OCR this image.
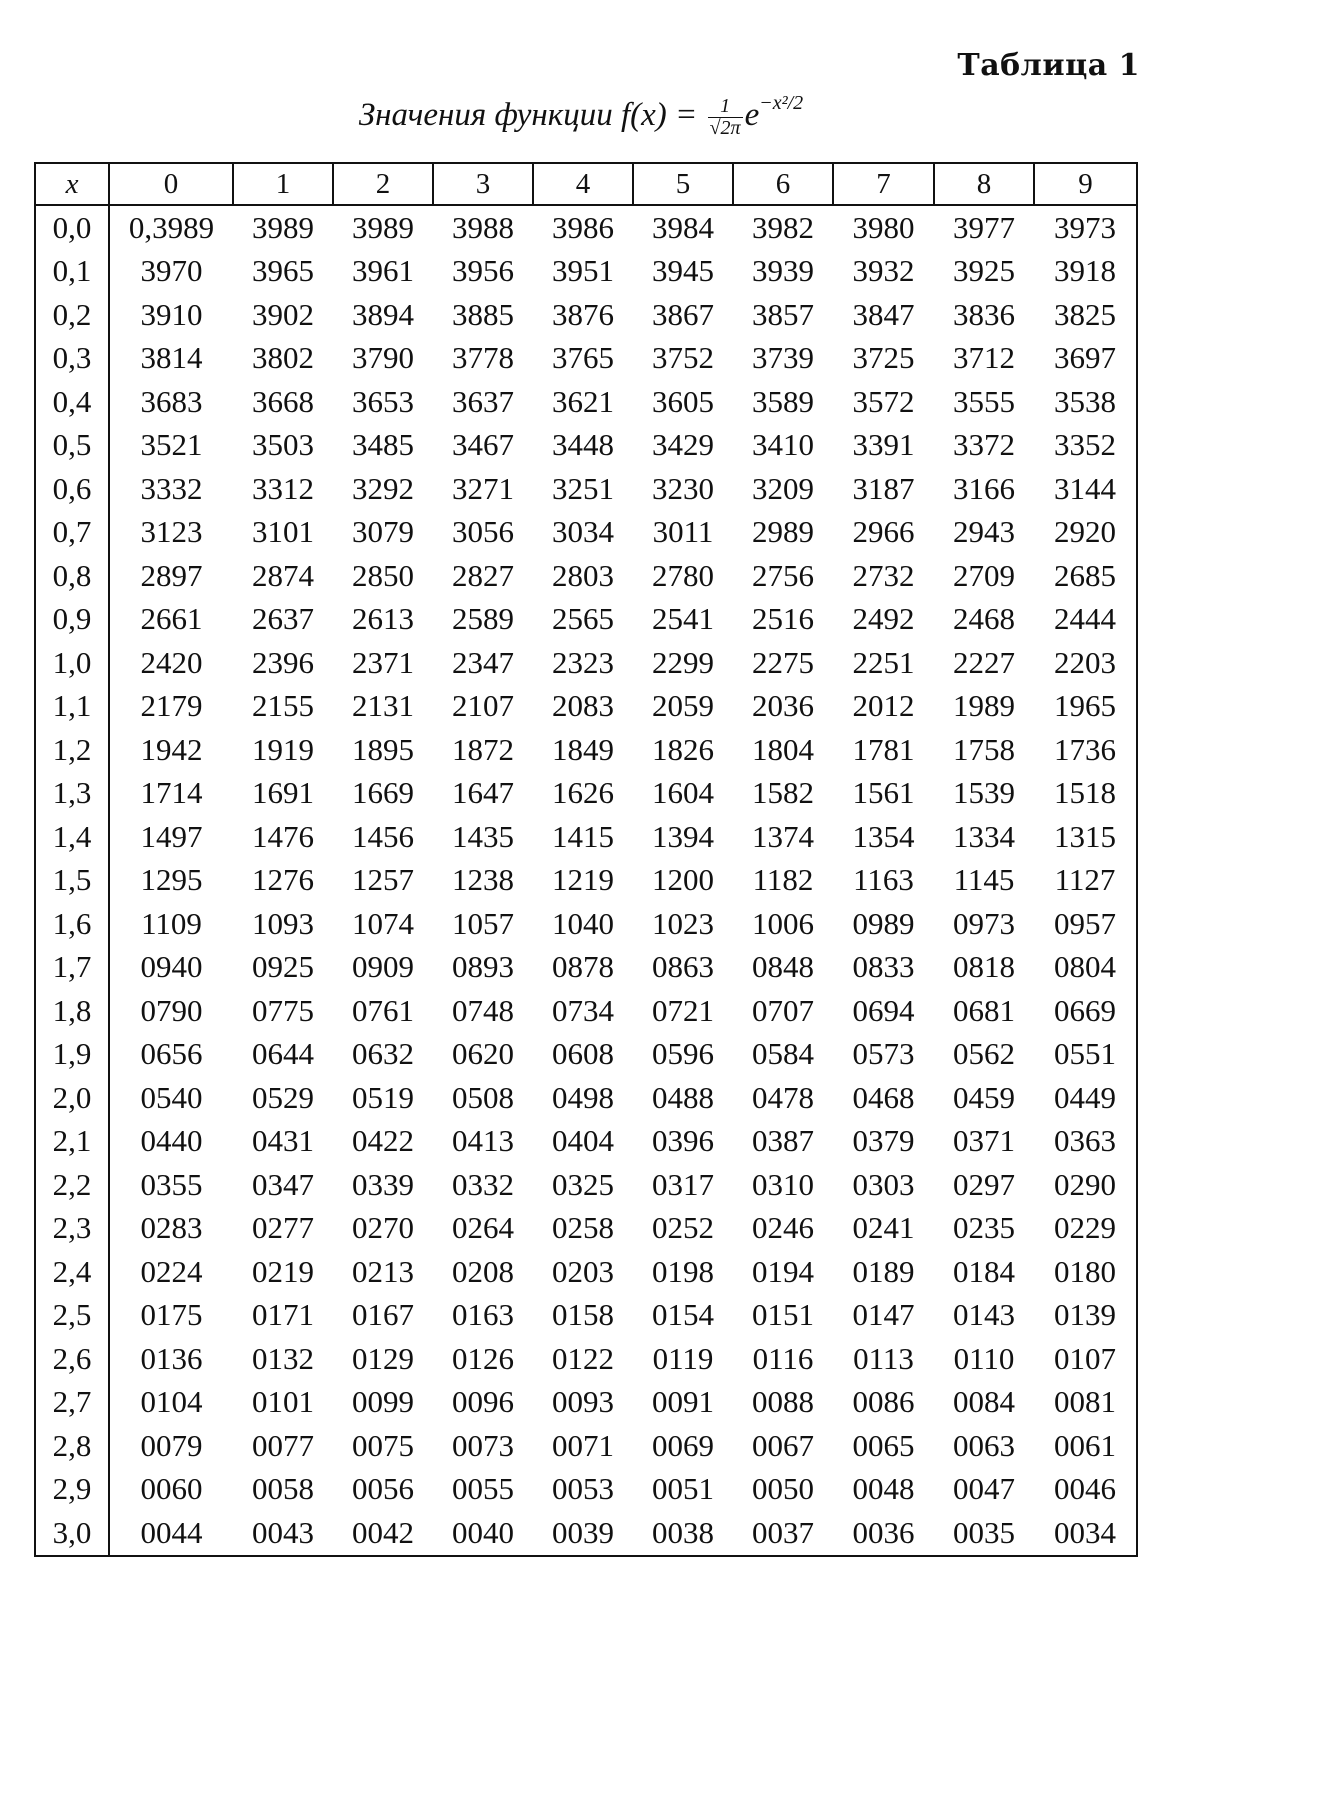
Таблица 1
Значения функции $f(x) = \frac{1}{√2\pi} e^{-x^2/2}$
x	0	1	2	3	4	5	6	7	8	9
0,0	0,3989	3989	3989	3988	3986	3984	3982	3980	3977	3973
0,1	3970	3965	3961	3956	3951	3945	3939	3932	3925	3918
0,2	3910	3902	3894	3885	3876	3867	3857	3847	3836	3825
0,3	3814	3802	3790	3778	3765	3752	3739	3725	3712	3697
0,4	3683	3668	3653	3637	3621	3605	3589	3572	3555	3538
0,5	3521	3503	3485	3467	3448	3429	3410	3391	3372	3352
0,6	3332	3312	3292	3271	3251	3230	3209	3187	3166	3144
0,7	3123	3101	3079	3056	3034	3011	2989	2966	2943	2920
0,8	2897	2874	2850	2827	2803	2780	2756	2732	2709	2685
0,9	2661	2637	2613	2589	2565	2541	2516	2492	2468	2444
1,0	2420	2396	2371	2347	2323	2299	2275	2251	2227	2203
1,1	2179	2155	2131	2107	2083	2059	2036	2012	1989	1965
1,2	1942	1919	1895	1872	1849	1826	1804	1781	1758	1736
1,3	1714	1691	1669	1647	1626	1604	1582	1561	1539	1518
1,4	1497	1476	1456	1435	1415	1394	1374	1354	1334	1315
1,5	1295	1276	1257	1238	1219	1200	1182	1163	1145	1127
1,6	1109	1093	1074	1057	1040	1023	1006	0989	0973	0957
1,7	0940	0925	0909	0893	0878	0863	0848	0833	0818	0804
1,8	0790	0775	0761	0748	0734	0721	0707	0694	0681	0669
1,9	0656	0644	0632	0620	0608	0596	0584	0573	0562	0551
2,0	0540	0529	0519	0508	0498	0488	0478	0468	0459	0449
2,1	0440	0431	0422	0413	0404	0396	0387	0379	0371	0363
2,2	0355	0347	0339	0332	0325	0317	0310	0303	0297	0290
2,3	0283	0277	0270	0264	0258	0252	0246	0241	0235	0229
2,4	0224	0219	0213	0208	0203	0198	0194	0189	0184	0180
2,5	0175	0171	0167	0163	0158	0154	0151	0147	0143	0139
2,6	0136	0132	0129	0126	0122	0119	0116	0113	0110	0107
2,7	0104	0101	0099	0096	0093	0091	0088	0086	0084	0081
2,8	0079	0077	0075	0073	0071	0069	0067	0065	0063	0061
2,9	0060	0058	0056	0055	0053	0051	0050	0048	0047	0046
3,0	0044	0043	0042	0040	0039	0038	0037	0036	0035	0034
